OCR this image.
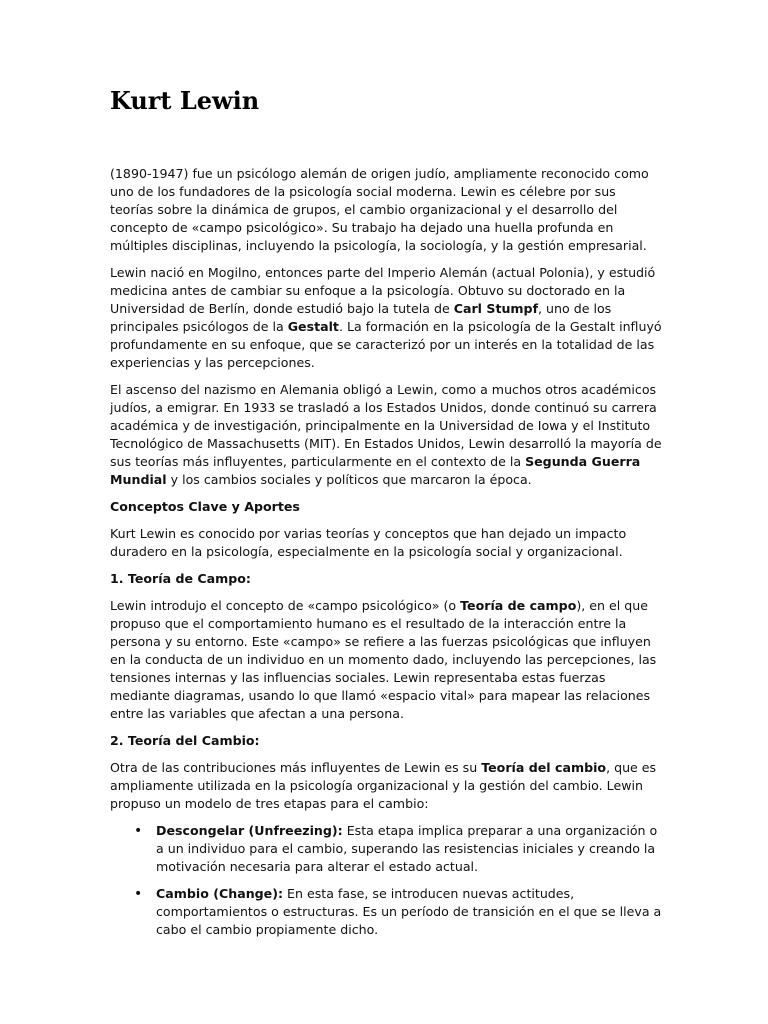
Kurt Lewin

(1890-1947) fue un psicólogo alemán de origen judío, ampliamente reconocido como uno de los fundadores de la psicología social moderna. Lewin es célebre por sus teorías sobre la dinámica de grupos, el cambio organizacional y el desarrollo del concepto de «campo psicológico». Su trabajo ha dejado una huella profunda en múltiples disciplinas, incluyendo la psicología, la sociología, y la gestión empresarial.

Lewin nació en Mogilno, entonces parte del Imperio Alemán (actual Polonia), y estudió medicina antes de cambiar su enfoque a la psicología. Obtuvo su doctorado en la Universidad de Berlín, donde estudió bajo la tutela de Carl Stumpf, uno de los principales psicólogos de la Gestalt. La formación en la psicología de la Gestalt influyó profundamente en su enfoque, que se caracterizó por un interés en la totalidad de las experiencias y las percepciones.

El ascenso del nazismo en Alemania obligó a Lewin, como a muchos otros académicos judíos, a emigrar. En 1933 se trasladó a los Estados Unidos, donde continuó su carrera académica y de investigación, principalmente en la Universidad de Iowa y el Instituto Tecnológico de Massachusetts (MIT). En Estados Unidos, Lewin desarrolló la mayoría de sus teorías más influyentes, particularmente en el contexto de la Segunda Guerra Mundial y los cambios sociales y políticos que marcaron la época.

Conceptos Clave y Aportes

Kurt Lewin es conocido por varias teorías y conceptos que han dejado un impacto duradero en la psicología, especialmente en la psicología social y organizacional.

1. Teoría de Campo:

Lewin introdujo el concepto de «campo psicológico» (o Teoría de campo), en el que propuso que el comportamiento humano es el resultado de la interacción entre la persona y su entorno. Este «campo» se refiere a las fuerzas psicológicas que influyen en la conducta de un individuo en un momento dado, incluyendo las percepciones, las tensiones internas y las influencias sociales. Lewin representaba estas fuerzas mediante diagramas, usando lo que llamó «espacio vital» para mapear las relaciones entre las variables que afectan a una persona.

2. Teoría del Cambio:

Otra de las contribuciones más influyentes de Lewin es su Teoría del cambio, que es ampliamente utilizada en la psicología organizacional y la gestión del cambio. Lewin propuso un modelo de tres etapas para el cambio:

• Descongelar (Unfreezing): Esta etapa implica preparar a una organización o a un individuo para el cambio, superando las resistencias iniciales y creando la motivación necesaria para alterar el estado actual.
• Cambio (Change): En esta fase, se introducen nuevas actitudes, comportamientos o estructuras. Es un período de transición en el que se lleva a cabo el cambio propiamente dicho.
